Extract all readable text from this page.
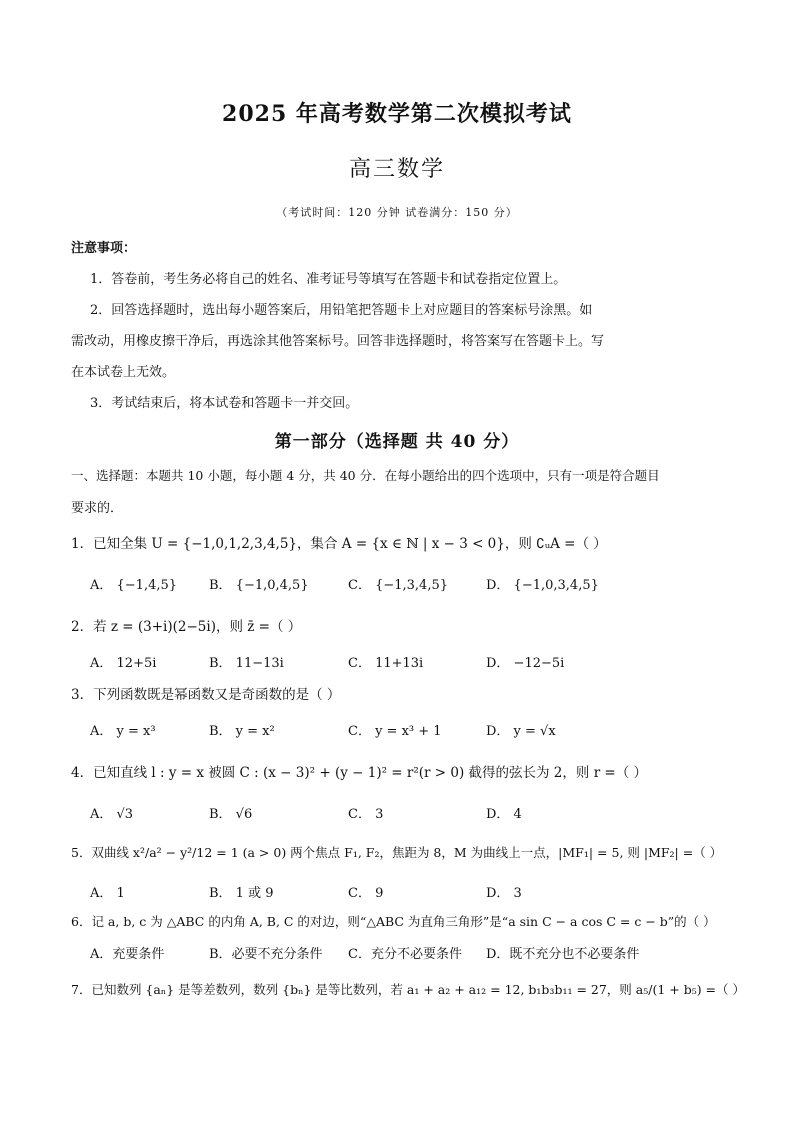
2025 年高考数学第二次模拟考试
高三数学
（考试时间：120 分钟 试卷满分：150 分）
注意事项：
1．答卷前，考生务必将自己的姓名、准考证号等填写在答题卡和试卷指定位置上。
2．回答选择题时，选出每小题答案后，用铅笔把答题卡上对应题目的答案标号涂黑。如
需改动，用橡皮擦干净后，再选涂其他答案标号。回答非选择题时，将答案写在答题卡上。写
在本试卷上无效。
3．考试结束后，将本试卷和答题卡一并交回。
第一部分（选择题 共 40 分）
一、选择题：本题共 10 小题，每小题 4 分，共 40 分．在每小题给出的四个选项中，只有一项是符合题目
要求的．
1．已知全集 U = {−1,0,1,2,3,4,5}，集合 A = {x ∈ ℕ | x − 3 < 0}，则 ∁ᵤA =（ ）
A． {−1,4,5} B． {−1,0,4,5}	C． {−1,3,4,5}	D． {−1,0,3,4,5}
2．若 z = (3+i)(2−5i)，则 z̄ =（ ）
A． 12+5i	B． 11−13i	C． 11+13i	D． −12−5i
3．下列函数既是幂函数又是奇函数的是（ ）
A． y = x³	B． y = x²	C． y = x³ + 1	D． y = √x
4．已知直线 l : y = x 被圆 C : (x − 3)² + (y − 1)² = r²(r > 0) 截得的弦长为 2，则 r =（ ）
A． √3	B． √6	C． 3	D． 4
5．双曲线 x²/a² − y²/12 = 1 (a > 0) 两个焦点 F₁, F₂，焦距为 8，M 为曲线上一点，|MF₁| = 5, 则 |MF₂| =（ ）
A． 1	B． 1 或 9	C． 9	D． 3
6．记 a, b, c 为 △ABC 的内角 A, B, C 的对边，则“△ABC 为直角三角形”是“a sin C − a cos C = c − b”的（ ）
A．充要条件	B．必要不充分条件 C．充分不必要条件 D．既不充分也不必要条件
7．已知数列 {aₙ} 是等差数列，数列 {bₙ} 是等比数列，若 a₁ + a₂ + a₁₂ = 12, b₁b₃b₁₁ = 27，则 a₅/(1 + b₅) =（ ）
